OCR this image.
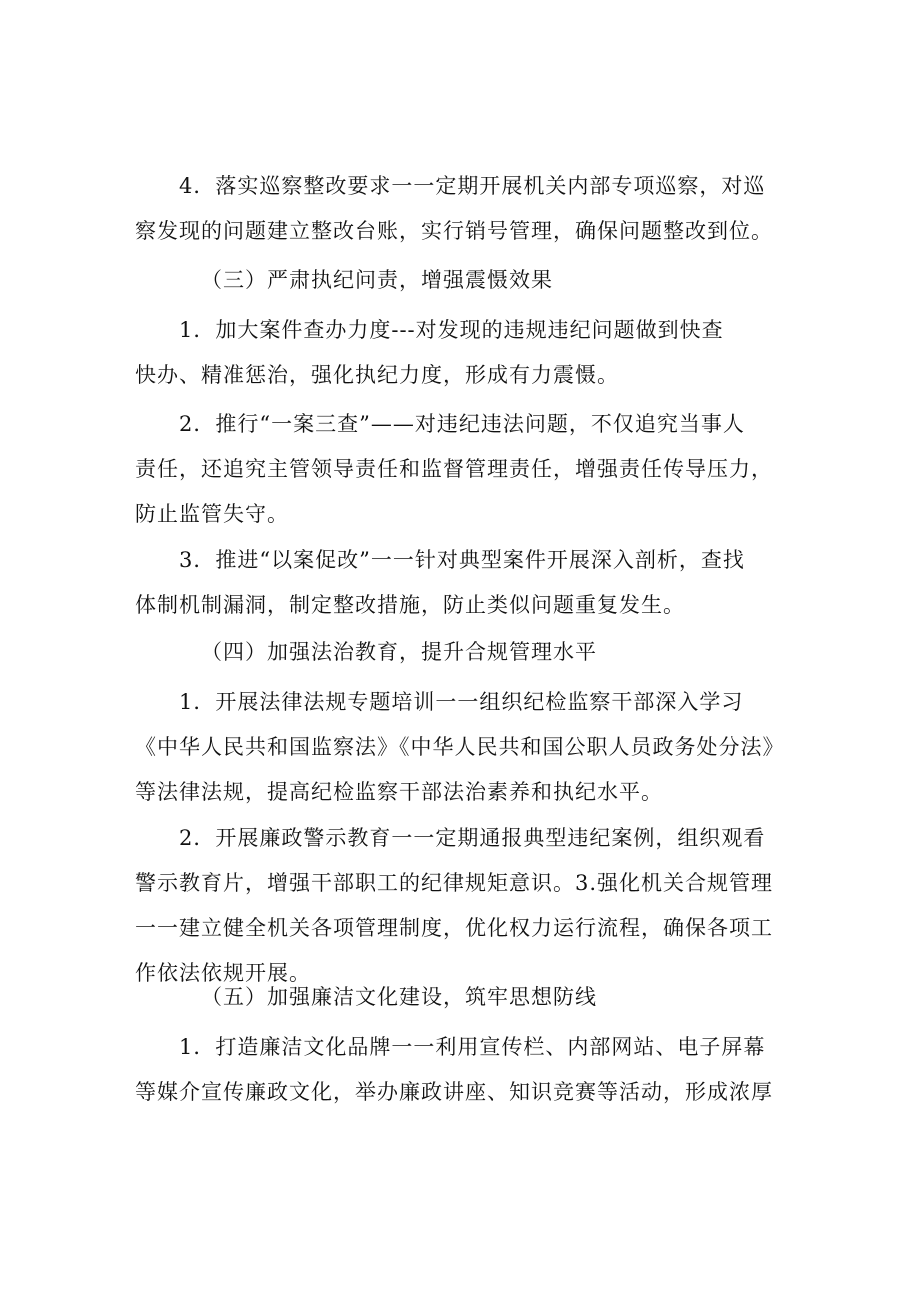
4．落实巡察整改要求一一定期开展机关内部专项巡察，对巡
察发现的问题建立整改台账，实行销号管理，确保问题整改到位。
（三）严肃执纪问责，增强震慑效果
1．加大案件查办力度---对发现的违规违纪问题做到快查
快办、精准惩治，强化执纪力度，形成有力震慑。
2．推行“一案三查”——对违纪违法问题，不仅追究当事人
责任，还追究主管领导责任和监督管理责任，增强责任传导压力，
防止监管失守。
3．推进“以案促改”一一针对典型案件开展深入剖析，查找
体制机制漏洞，制定整改措施，防止类似问题重复发生。
（四）加强法治教育，提升合规管理水平
1．开展法律法规专题培训一一组织纪检监察干部深入学习
《中华人民共和国监察法》《中华人民共和国公职人员政务处分法》
等法律法规，提高纪检监察干部法治素养和执纪水平。
2．开展廉政警示教育一一定期通报典型违纪案例，组织观看
警示教育片，增强干部职工的纪律规矩意识。3.强化机关合规管理
一一建立健全机关各项管理制度，优化权力运行流程，确保各项工
作依法依规开展。
（五）加强廉洁文化建设，筑牢思想防线
1．打造廉洁文化品牌一一利用宣传栏、内部网站、电子屏幕
等媒介宣传廉政文化，举办廉政讲座、知识竞赛等活动，形成浓厚
